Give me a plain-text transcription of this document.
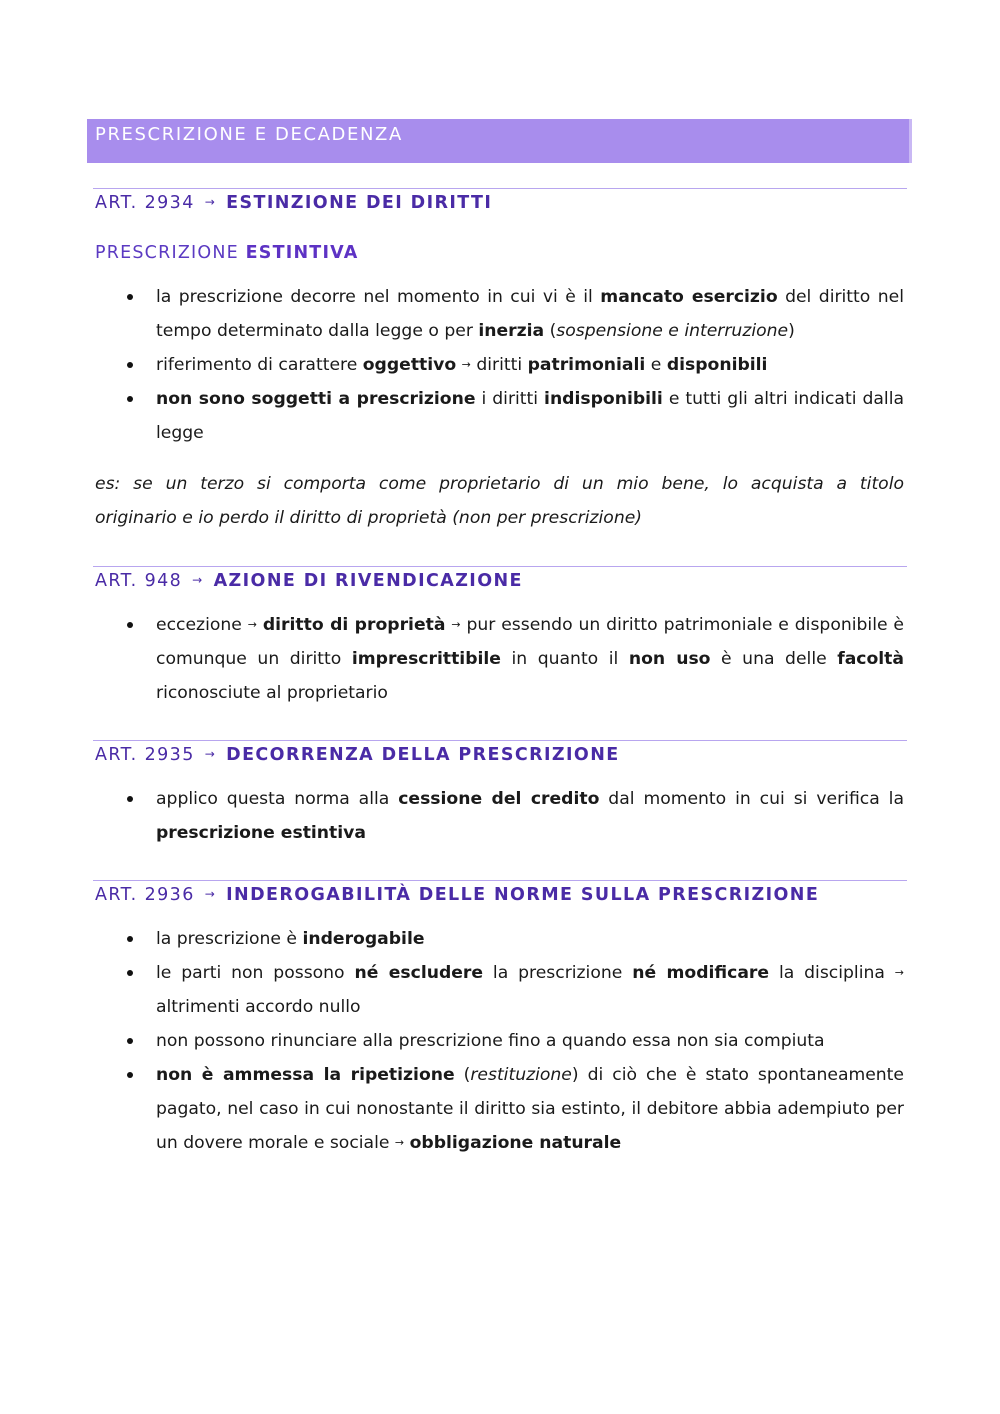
PRESCRIZIONE E DECADENZA
ART. 2934 → ESTINZIONE DEI DIRITTI
PRESCRIZIONE ESTINTIVA
la prescrizione decorre nel momento in cui vi è il mancato esercizio del diritto nel tempo determinato dalla legge o per inerzia (sospensione e interruzione)
riferimento di carattere oggettivo → diritti patrimoniali e disponibili
non sono soggetti a prescrizione i diritti indisponibili e tutti gli altri indicati dalla legge
es: se un terzo si comporta come proprietario di un mio bene, lo acquista a titolo
originario e io perdo il diritto di proprietà (non per prescrizione)
ART. 948 → AZIONE DI RIVENDICAZIONE
eccezione → diritto di proprietà → pur essendo un diritto patrimoniale e disponibile è comunque un diritto imprescrittibile in quanto il non uso è una delle facoltà riconosciute al proprietario
ART. 2935 → DECORRENZA DELLA PRESCRIZIONE
applico questa norma alla cessione del credito dal momento in cui si verifica la prescrizione estintiva
ART. 2936 → INDEROGABILITÀ DELLE NORME SULLA PRESCRIZIONE
la prescrizione è inderogabile
le parti non possono né escludere la prescrizione né modificare la disciplina → altrimenti accordo nullo
non possono rinunciare alla prescrizione fino a quando essa non sia compiuta
non è ammessa la ripetizione (restituzione) di ciò che è stato spontaneamente pagato, nel caso in cui nonostante il diritto sia estinto, il debitore abbia adempiuto per un dovere morale e sociale → obbligazione naturale
